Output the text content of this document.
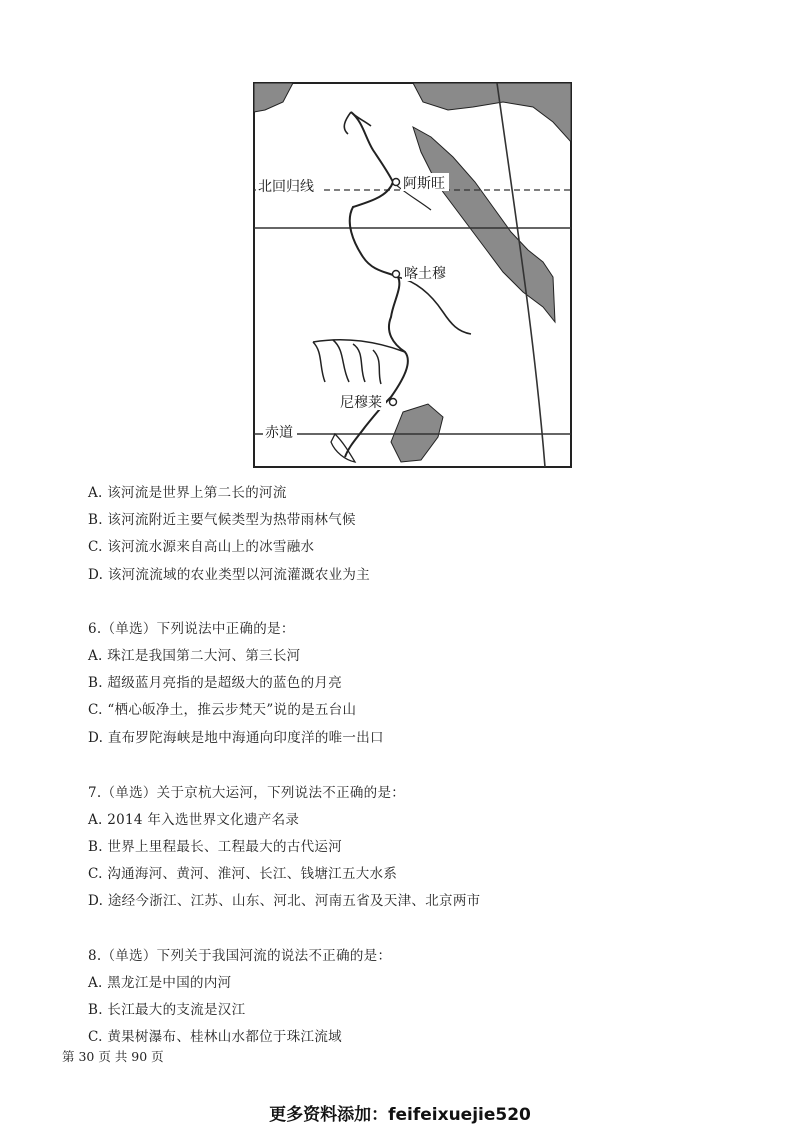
北回归线	阿斯旺
喀土穆
尼穆莱
赤道
A. 该河流是世界上第二长的河流
B. 该河流附近主要气候类型为热带雨林气候
C. 该河流水源来自高山上的冰雪融水
D. 该河流流域的农业类型以河流灌溉农业为主
6.（单选）下列说法中正确的是：
A. 珠江是我国第二大河、第三长河
B. 超级蓝月亮指的是超级大的蓝色的月亮
C. “栖心皈净土，推云步梵天”说的是五台山
D. 直布罗陀海峡是地中海通向印度洋的唯一出口
7.（单选）关于京杭大运河，下列说法不正确的是：
A. 2014 年入选世界文化遗产名录
B. 世界上里程最长、工程最大的古代运河
C. 沟通海河、黄河、淮河、长江、钱塘江五大水系
D. 途经今浙江、江苏、山东、河北、河南五省及天津、北京两市
8.（单选）下列关于我国河流的说法不正确的是：
A. 黑龙江是中国的内河
B. 长江最大的支流是汉江
C. 黄果树瀑布、桂林山水都位于珠江流域
第 30 页 共 90 页
更多资料添加：feifeixuejie520
